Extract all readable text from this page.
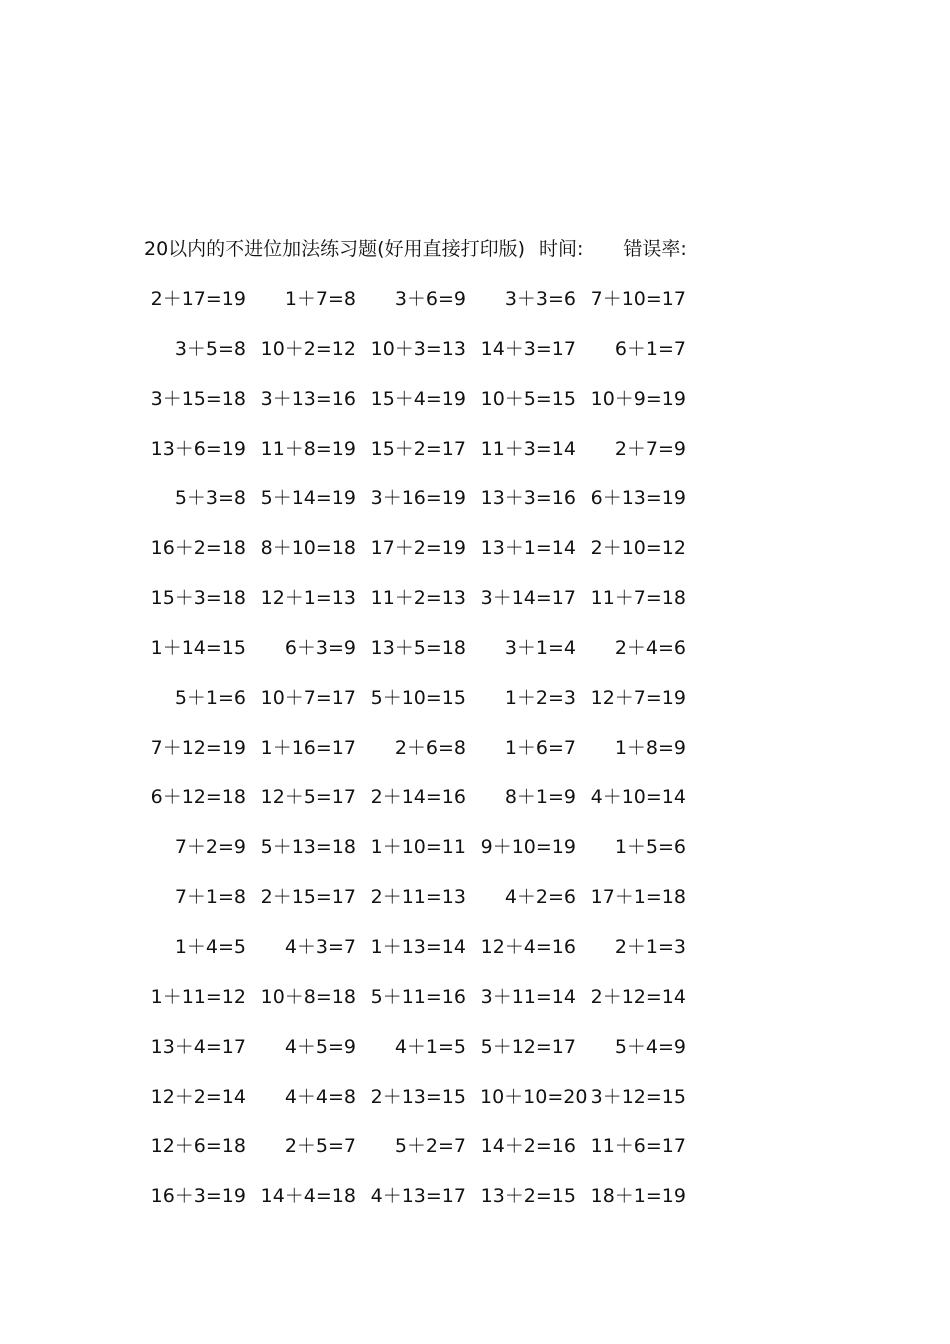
20以内的不进位加法练习题(好用直接打印版) 时间: 错误率:
2＋17=19	1＋7=8	3＋6=9	3＋3=6 7＋10=17
3＋5=8 10＋2=12 10＋3=13 14＋3=17	6＋1=7
3＋15=18 3＋13=16 15＋4=19 10＋5=15 10＋9=19
13＋6=19 11＋8=19 15＋2=17 11＋3=14	2＋7=9
5＋3=8 5＋14=19 3＋16=19 13＋3=16 6＋13=19
16＋2=18 8＋10=18 17＋2=19 13＋1=14 2＋10=12
15＋3=18 12＋1=13 11＋2=13 3＋14=17 11＋7=18
1＋14=15	6＋3=9 13＋5=18	3＋1=4	2＋4=6
5＋1=6 10＋7=17 5＋10=15	1＋2=3 12＋7=19
7＋12=19 1＋16=17	2＋6=8	1＋6=7	1＋8=9
6＋12=18 12＋5=17 2＋14=16	8＋1=9 4＋10=14
7＋2=9 5＋13=18 1＋10=11 9＋10=19	1＋5=6
7＋1=8 2＋15=17 2＋11=13	4＋2=6 17＋1=18
1＋4=5	4＋3=7 1＋13=14 12＋4=16	2＋1=3
1＋11=12 10＋8=18 5＋11=16 3＋11=14 2＋12=14
13＋4=17	4＋5=9	4＋1=5 5＋12=17	5＋4=9
12＋2=14	4＋4=8 2＋13=15 10＋10=20 3＋12=15
12＋6=18	2＋5=7	5＋2=7 14＋2=16 11＋6=17
16＋3=19 14＋4=18 4＋13=17 13＋2=15 18＋1=19
